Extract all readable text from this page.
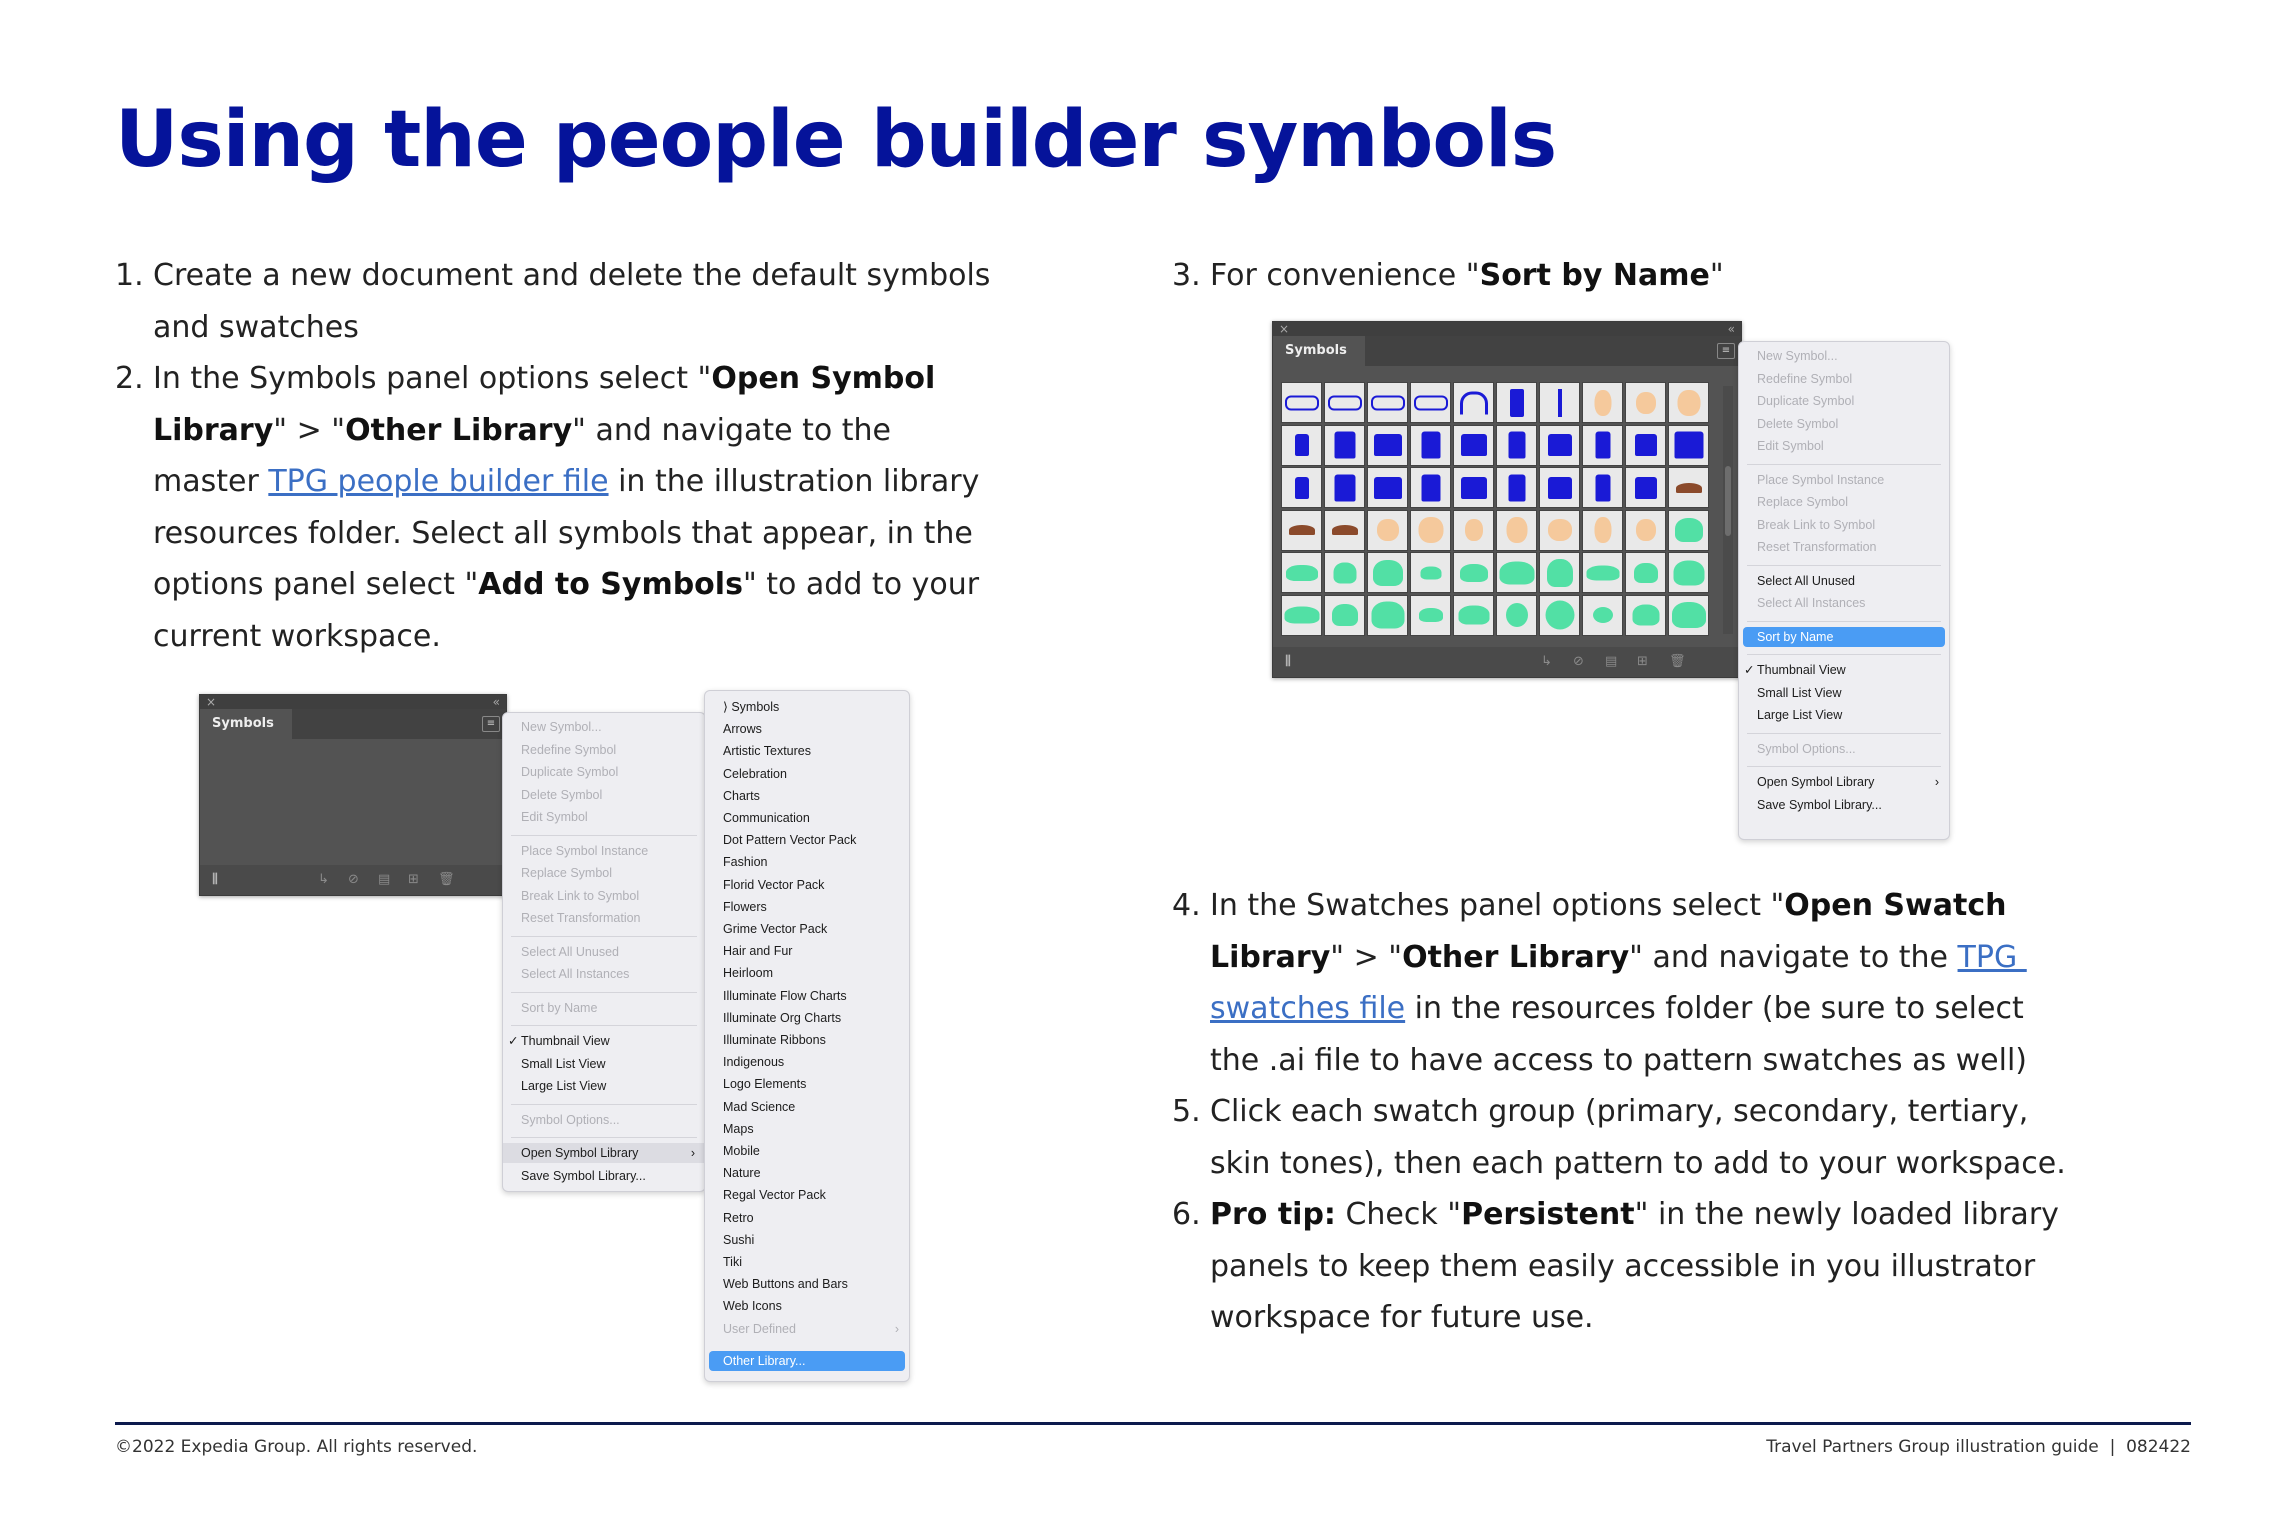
Using the people builder symbols
1. Create a new document and delete the default symbols
and swatches
2. In the Symbols panel options select "Open Symbol
Library" > "Other Library" and navigate to the
master TPG people builder file in the illustration library
resources folder. Select all symbols that appear, in the
options panel select "Add to Symbols" to add to your
current workspace.
3. For convenience "Sort by Name"
4. In the Swatches panel options select "Open Swatch
Library" > "Other Library" and navigate to the TPG
swatches file in the resources folder (be sure to select
the .ai file to have access to pattern swatches as well)
5. Click each swatch group (primary, secondary, tertiary,
skin tones), then each pattern to add to your workspace.
6. Pro tip: Check "Persistent" in the newly loaded library
panels to keep them easily accessible in you illustrator
workspace for future use.
×	«
Symbols	≡
⫼	↳ ⊘ ▤ ⊞ 🗑
New Symbol...
Redefine Symbol
Duplicate Symbol
Delete Symbol
Edit Symbol
Place Symbol Instance
Replace Symbol
Break Link to Symbol
Reset Transformation
Select All Unused
Select All Instances
Sort by Name
✓ Thumbnail View
Small List View
Large List View
Symbol Options...
Open Symbol Library	›
Save Symbol Library...
⟩ Symbols
Arrows
Artistic Textures
Celebration
Charts
Communication
Dot Pattern Vector Pack
Fashion
Florid Vector Pack
Flowers
Grime Vector Pack
Hair and Fur
Heirloom
Illuminate Flow Charts
Illuminate Org Charts
Illuminate Ribbons
Indigenous
Logo Elements
Mad Science
Maps
Mobile
Nature
Regal Vector Pack
Retro
Sushi
Tiki
Web Buttons and Bars
Web Icons
User Defined	›
Other Library...
×	«
Symbols	≡
⫼	↳ ⊘ ▤ ⊞ 🗑
New Symbol...
Redefine Symbol
Duplicate Symbol
Delete Symbol
Edit Symbol
Place Symbol Instance
Replace Symbol
Break Link to Symbol
Reset Transformation
Select All Unused
Select All Instances
Sort by Name
✓ Thumbnail View
Small List View
Large List View
Symbol Options...
Open Symbol Library	›
Save Symbol Library...
©2022 Expedia Group. All rights reserved.	Travel Partners Group illustration guide  |  082422
